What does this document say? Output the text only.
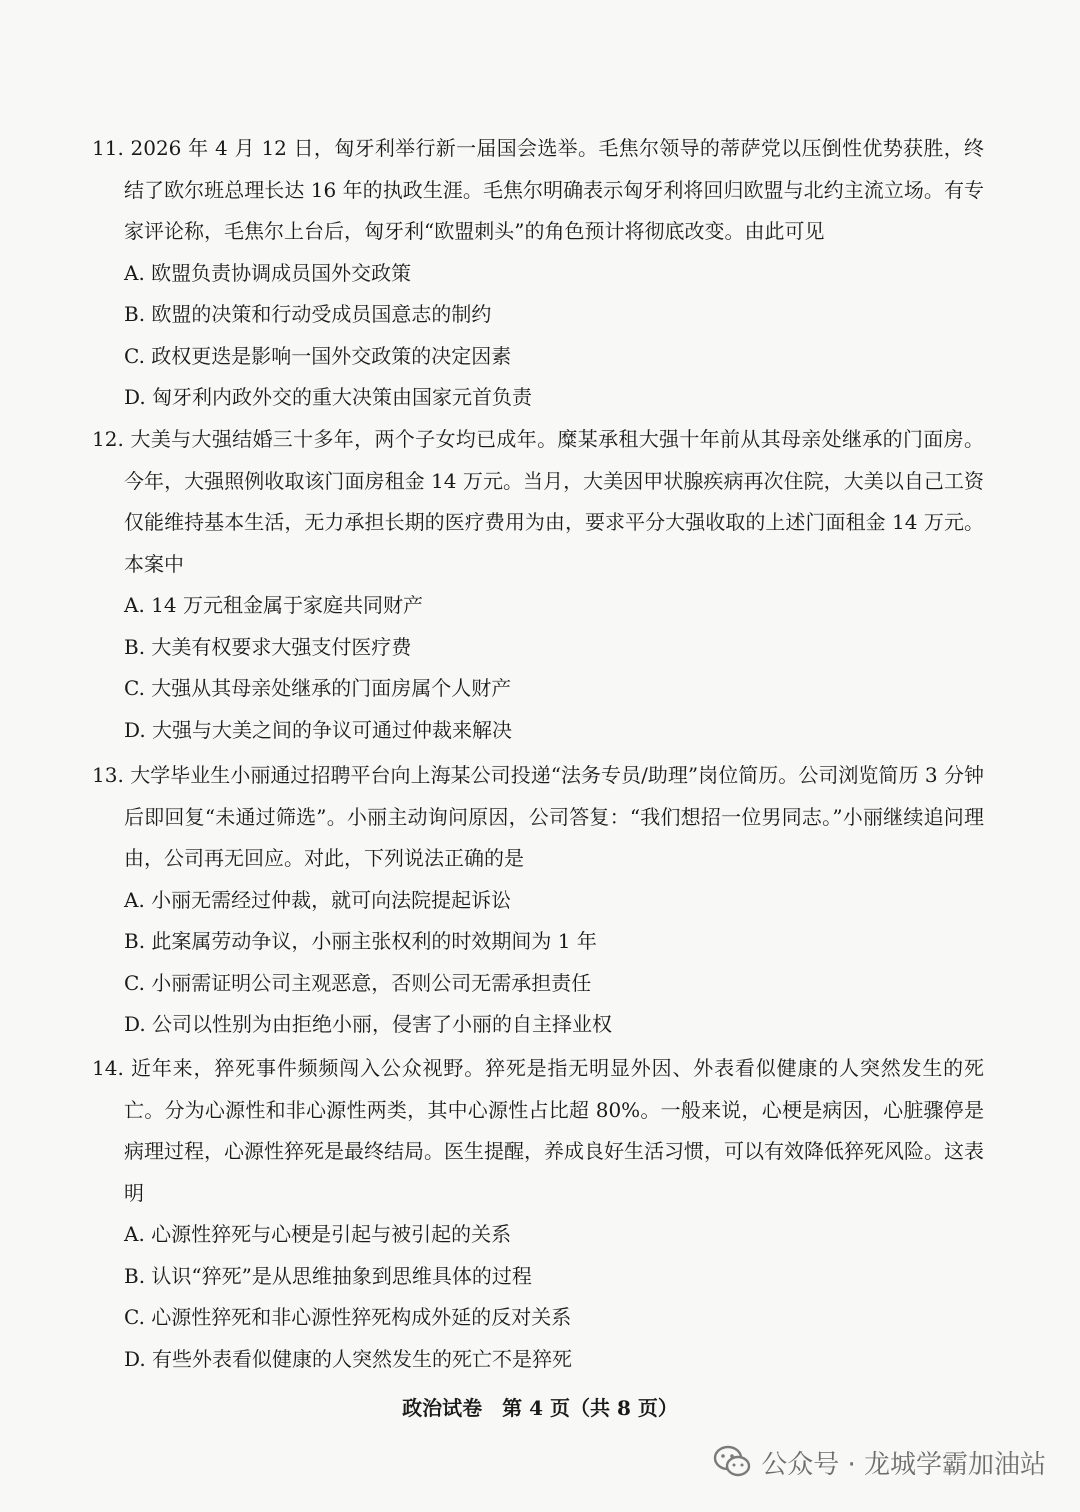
11. 2026 年 4 月 12 日，匈牙利举行新一届国会选举。毛焦尔领导的蒂萨党以压倒性优势获胜，终结了欧尔班总理长达 16 年的执政生涯。毛焦尔明确表示匈牙利将回归欧盟与北约主流立场。有专家评论称，毛焦尔上台后，匈牙利“欧盟刺头”的角色预计将彻底改变。由此可见

A. 欧盟负责协调成员国外交政策
B. 欧盟的决策和行动受成员国意志的制约
C. 政权更迭是影响一国外交政策的决定因素
D. 匈牙利内政外交的重大决策由国家元首负责

12. 大美与大强结婚三十多年，两个子女均已成年。糜某承租大强十年前从其母亲处继承的门面房。今年，大强照例收取该门面房租金 14 万元。当月，大美因甲状腺疾病再次住院，大美以自己工资仅能维持基本生活，无力承担长期的医疗费用为由，要求平分大强收取的上述门面租金 14 万元。本案中

A. 14 万元租金属于家庭共同财产
B. 大美有权要求大强支付医疗费
C. 大强从其母亲处继承的门面房属个人财产
D. 大强与大美之间的争议可通过仲裁来解决

13. 大学毕业生小丽通过招聘平台向上海某公司投递“法务专员/助理”岗位简历。公司浏览简历 3 分钟后即回复“未通过筛选”。小丽主动询问原因，公司答复：“我们想招一位男同志。”小丽继续追问理由，公司再无回应。对此，下列说法正确的是

A. 小丽无需经过仲裁，就可向法院提起诉讼
B. 此案属劳动争议，小丽主张权利的时效期间为 1 年
C. 小丽需证明公司主观恶意，否则公司无需承担责任
D. 公司以性别为由拒绝小丽，侵害了小丽的自主择业权

14. 近年来，猝死事件频频闯入公众视野。猝死是指无明显外因、外表看似健康的人突然发生的死亡。分为心源性和非心源性两类，其中心源性占比超 80%。一般来说，心梗是病因，心脏骤停是病理过程，心源性猝死是最终结局。医生提醒，养成良好生活习惯，可以有效降低猝死风险。这表明

A. 心源性猝死与心梗是引起与被引起的关系
B. 认识“猝死”是从思维抽象到思维具体的过程
C. 心源性猝死和非心源性猝死构成外延的反对关系
D. 有些外表看似健康的人突然发生的死亡不是猝死
政治试卷　第 4 页（共 8 页）
公众号 · 龙城学霸加油站
